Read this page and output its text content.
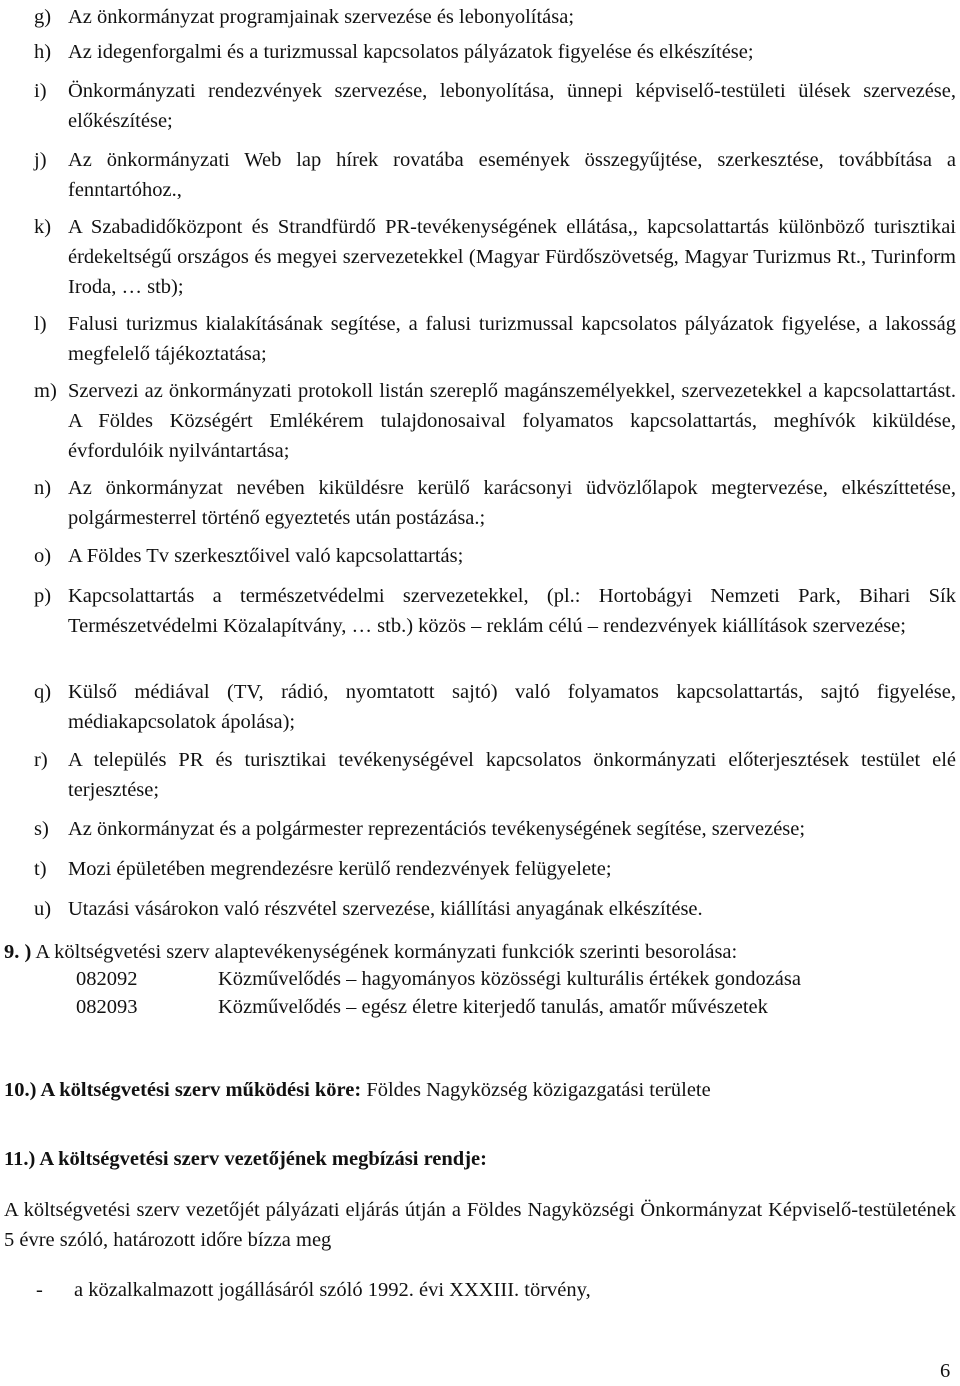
g) Az önkormányzat programjainak szervezése és lebonyolítása;
h) Az idegenforgalmi és a turizmussal kapcsolatos pályázatok figyelése és elkészítése;
i)	Önkormányzati rendezvények szervezése, lebonyolítása, ünnepi képviselő-testületi ülések szervezése, előkészítése;
j)	Az önkormányzati Web lap hírek rovatába események összegyűjtése, szerkesztése, továbbítása a fenntartóhoz.,
k) A Szabadidőközpont és Strandfürdő PR-tevékenységének ellátása,, kapcsolattartás különböző turisztikai érdekeltségű országos és megyei szervezetekkel (Magyar Fürdőszövetség, Magyar Turizmus Rt., Turinform Iroda, … stb);
l)	Falusi turizmus kialakításának segítése, a falusi turizmussal kapcsolatos pályázatok figyelése, a lakosság megfelelő tájékoztatása;
m) Szervezi az önkormányzati protokoll listán szereplő magánszemélyekkel, szervezetekkel a kapcsolattartást. A Földes Községért Emlékérem tulajdonosaival folyamatos kapcsolattartás, meghívók kiküldése, évfordulóik nyilvántartása;
n) Az önkormányzat nevében kiküldésre kerülő karácsonyi üdvözlőlapok megtervezése, elkészíttetése, polgármesterrel történő egyeztetés után postázása.;
o) A Földes Tv szerkesztőivel való kapcsolattartás;
p) Kapcsolattartás a természetvédelmi szervezetekkel, (pl.: Hortobágyi Nemzeti Park, Bihari Sík Természetvédelmi Közalapítvány, … stb.) közös – reklám célú – rendezvények kiállítások szervezése;
q) Külső médiával (TV, rádió, nyomtatott sajtó) való folyamatos kapcsolattartás, sajtó figyelése, médiakapcsolatok ápolása);
r) A település PR és turisztikai tevékenységével kapcsolatos önkormányzati előterjesztések testület elé terjesztése;
s) Az önkormányzat és a polgármester reprezentációs tevékenységének segítése, szervezése;
t)	Mozi épületében megrendezésre kerülő rendezvények felügyelete;
u) Utazási vásárokon való részvétel szervezése, kiállítási anyagának elkészítése.
9. ) A költségvetési szerv alaptevékenységének kormányzati funkciók szerinti besorolása:
082092	Közművelődés – hagyományos közösségi kulturális értékek gondozása
082093	Közművelődés – egész életre kiterjedő tanulás, amatőr művészetek
10.) A költségvetési szerv működési köre: Földes Nagyközség közigazgatási területe
11.) A költségvetési szerv vezetőjének megbízási rendje:
A költségvetési szerv vezetőjét pályázati eljárás útján a Földes Nagyközségi Önkormányzat Képviselő-testületének 5 évre szóló, határozott időre bízza meg
- a közalkalmazott jogállásáról szóló 1992. évi XXXIII. törvény,
6
